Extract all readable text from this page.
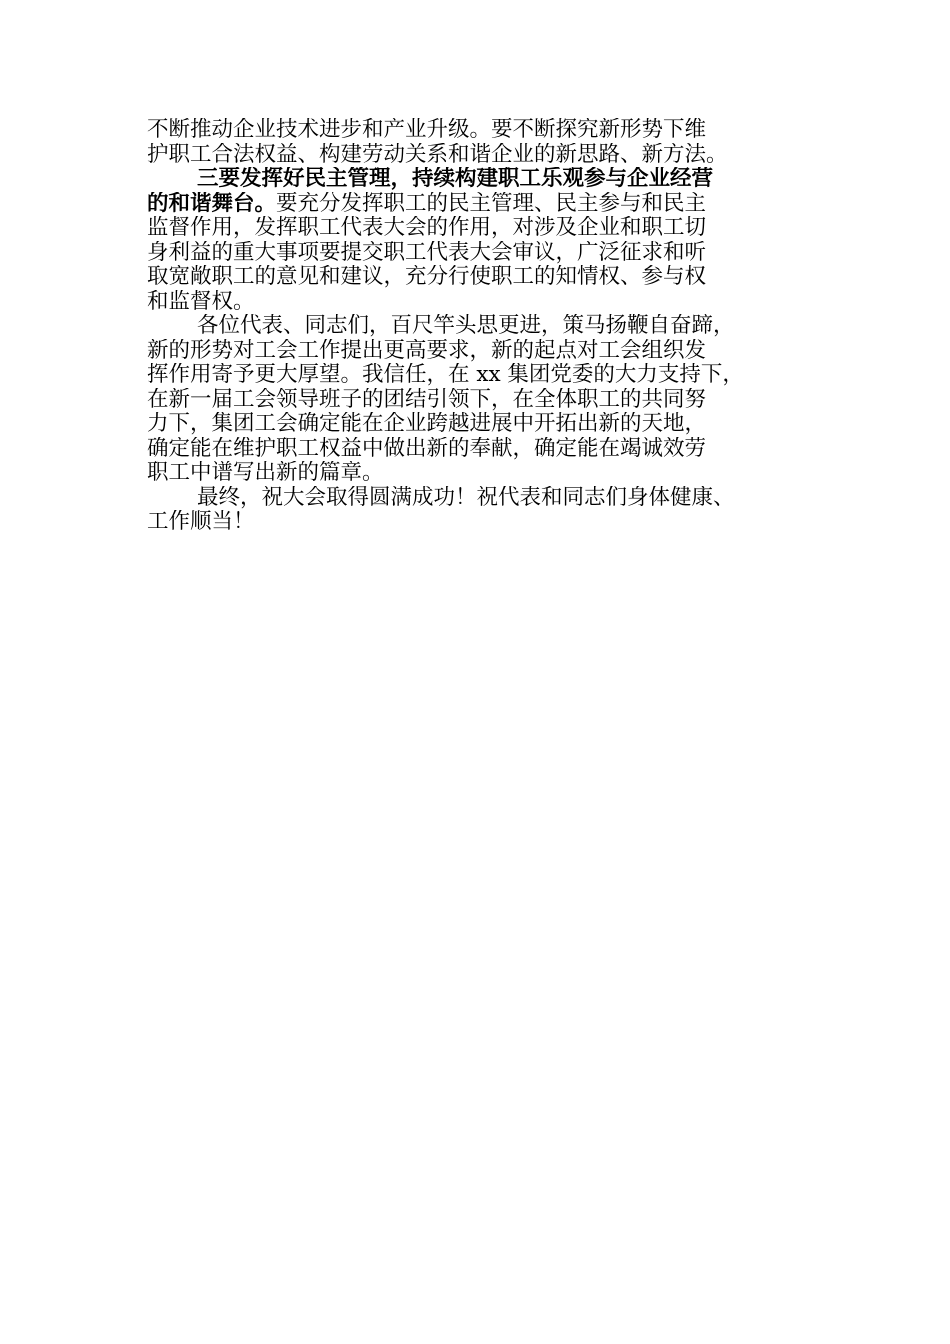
不断推动企业技术进步和产业升级。要不断探究新形势下维
护职工合法权益、构建劳动关系和谐企业的新思路、新方法。
三要发挥好民主管理，持续构建职工乐观参与企业经营
的和谐舞台。要充分发挥职工的民主管理、民主参与和民主
监督作用，发挥职工代表大会的作用，对涉及企业和职工切
身利益的重大事项要提交职工代表大会审议，广泛征求和听
取宽敞职工的意见和建议，充分行使职工的知情权、参与权
和监督权。
各位代表、同志们，百尺竿头思更进，策马扬鞭自奋蹄，
新的形势对工会工作提出更高要求，新的起点对工会组织发
挥作用寄予更大厚望。我信任，在 xx 集团党委的大力支持下，
在新一届工会领导班子的团结引领下，在全体职工的共同努
力下，集团工会确定能在企业跨越进展中开拓出新的天地，
确定能在维护职工权益中做出新的奉献，确定能在竭诚效劳
职工中谱写出新的篇章。
最终，祝大会取得圆满成功！祝代表和同志们身体健康、
工作顺当！
